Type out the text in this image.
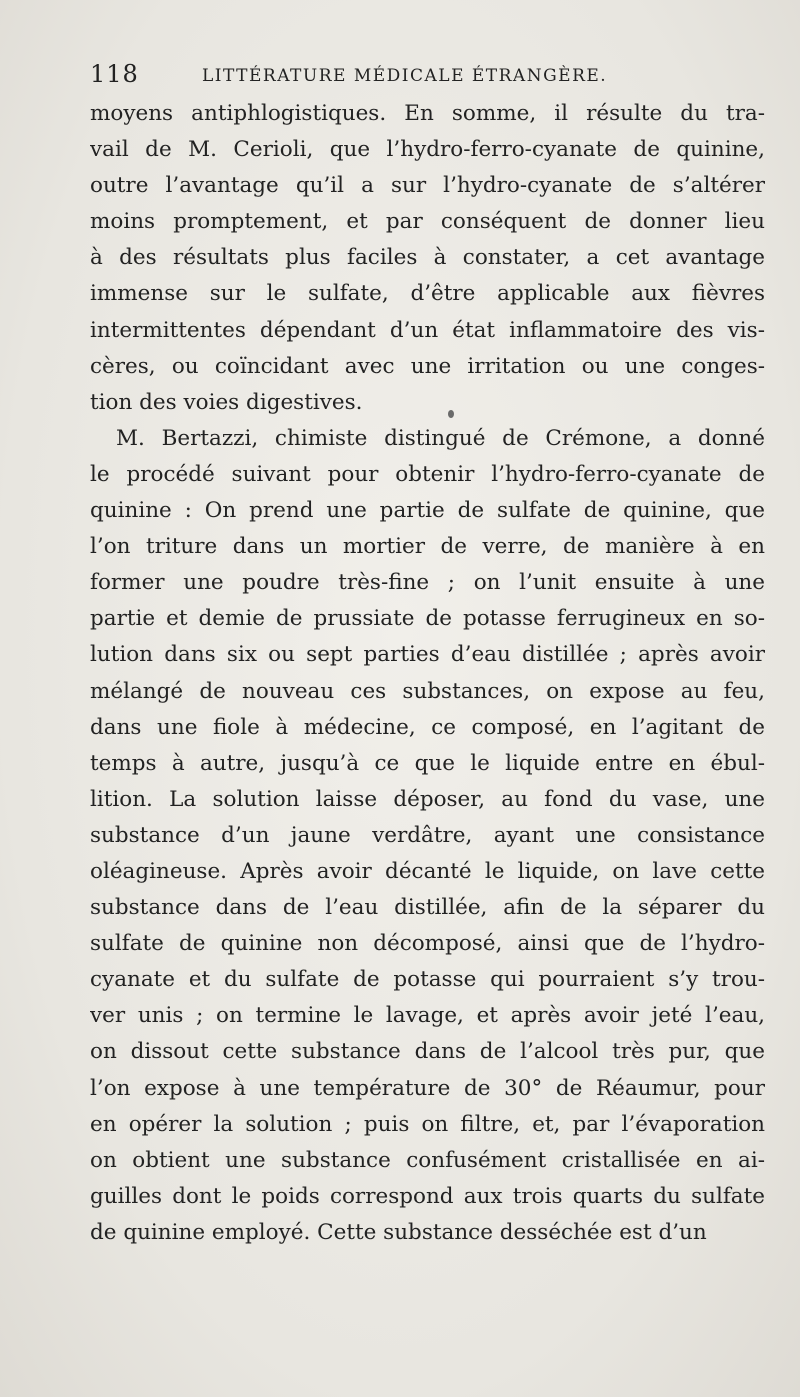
118	LITTÉRATURE MÉDICALE ÉTRANGÈRE.
moyens antiphlogistiques. En somme, il résulte du tra-
vail de M. Cerioli, que l’hydro-ferro-cyanate de quinine,
outre l’avantage qu’il a sur l’hydro-cyanate de s’altérer
moins promptement, et par conséquent de donner lieu
à des résultats plus faciles à constater, a cet avantage
immense sur le sulfate, d’être applicable aux fièvres
intermittentes dépendant d’un état inflammatoire des vis-
cères, ou coïncidant avec une irritation ou une conges-
tion des voies digestives.
M. Bertazzi, chimiste distingué de Crémone, a donné
le procédé suivant pour obtenir l’hydro-ferro-cyanate de
quinine : On prend une partie de sulfate de quinine, que
l’on triture dans un mortier de verre, de manière à en
former une poudre très-fine ; on l’unit ensuite à une
partie et demie de prussiate de potasse ferrugineux en so-
lution dans six ou sept parties d’eau distillée ; après avoir
mélangé de nouveau ces substances, on expose au feu,
dans une fiole à médecine, ce composé, en l’agitant de
temps à autre, jusqu’à ce que le liquide entre en ébul-
lition. La solution laisse déposer, au fond du vase, une
substance d’un jaune verdâtre, ayant une consistance
oléagineuse. Après avoir décanté le liquide, on lave cette
substance dans de l’eau distillée, afin de la séparer du
sulfate de quinine non décomposé, ainsi que de l’hydro-
cyanate et du sulfate de potasse qui pourraient s’y trou-
ver unis ; on termine le lavage, et après avoir jeté l’eau,
on dissout cette substance dans de l’alcool très pur, que
l’on expose à une température de 30° de Réaumur, pour
en opérer la solution ; puis on filtre, et, par l’évaporation
on obtient une substance confusément cristallisée en ai-
guilles dont le poids correspond aux trois quarts du sulfate
de quinine employé. Cette substance desséchée est d’un
